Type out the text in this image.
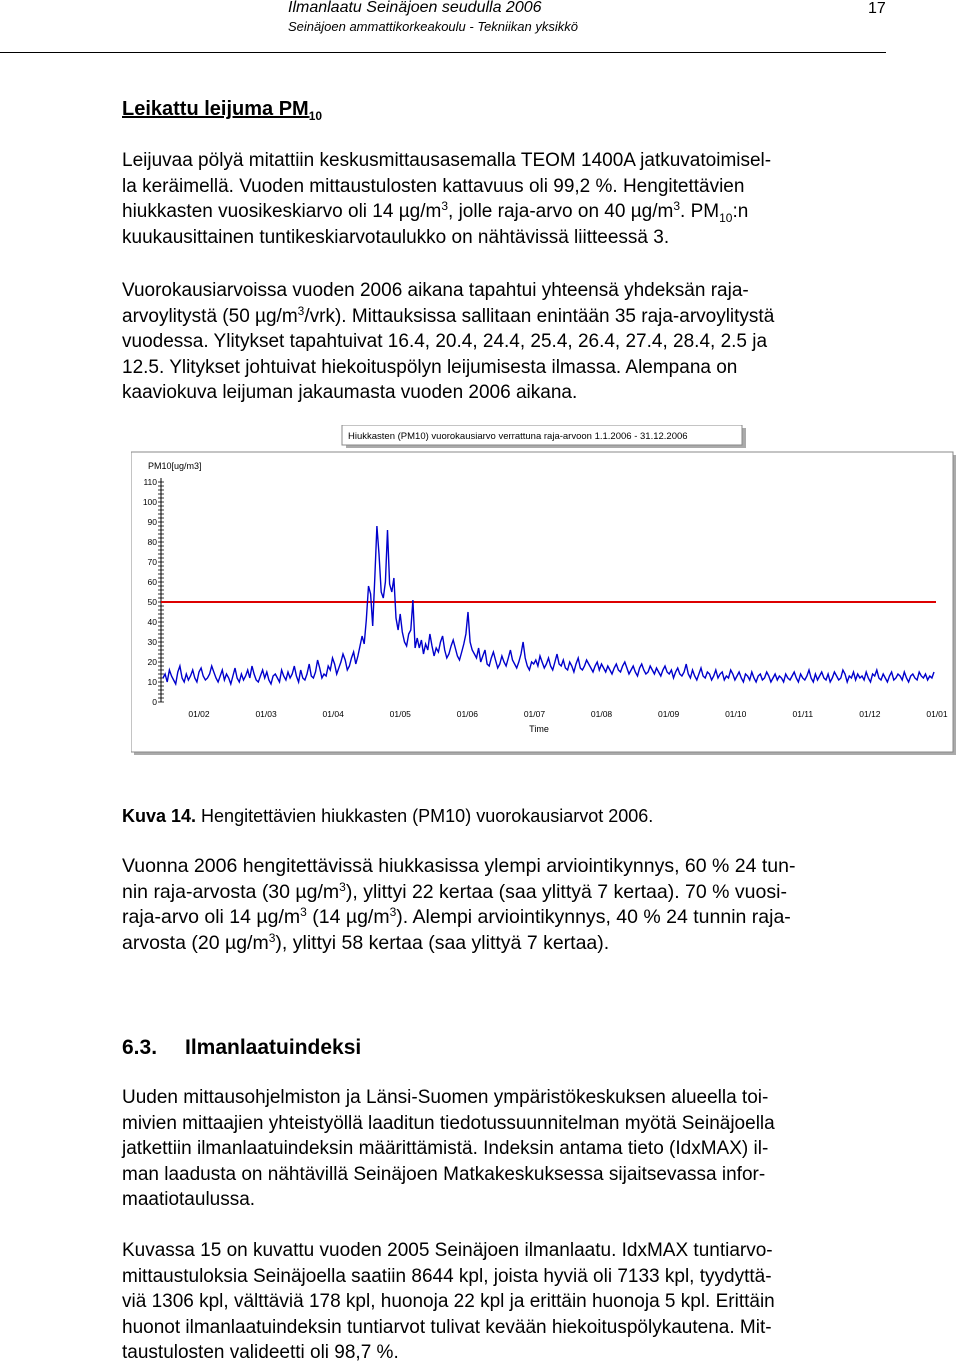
Ilmanlaatu Seinäjoen seudulla 2006
Seinäjoen ammattikorkeakoulu - Tekniikan yksikkö
17
Leikattu leijuma $PM_{10}$
Leijuvaa pölyä mitattiin keskusmittausasemalla TEOM 1400A jatkuvatoimisel-
la keräimellä. Vuoden mittaustulosten kattavuus oli 99,2 %. Hengitettävien
hiukkasten vuosikeskiarvo oli 14 $\mu g/m^3$, jolle raja-arvo on 40 $\mu g/m^3$. $PM_{10}:n$
kuukausittainen tuntikeskiarvotaulukko on nähtävissä liitteessä 3.
Vuorokausiarvoissa vuoden 2006 aikana tapahtui yhteensä yhdeksän raja-
arvoylitystä (50 $\mu g/m^3/vrk$). Mittauksissa sallitaan enintään 35 raja-arvoylitystä
vuodessa. Ylitykset tapahtuivat 16.4, 20.4, 24.4, 25.4, 26.4, 27.4, 28.4, 2.5 ja
12.5. Ylitykset johtuivat hiekoituspölyn leijumisesta ilmassa. Alempana on
kaaviokuva leijuman jakaumasta vuoden 2006 aikana.
Hiukkasten (PM10) vuorokausiarvo verrattuna raja-arvoon 1.1.2006 - 31.12.2006
PM10[ug/m3]
110
100
90
80
70
60
50
40
30
20
10
0
01/02	01/03	01/04	01/05	01/06	01/07	01/08	01/09	01/10	01/11	01/12	01/01
Time
Kuva 14. Hengitettävien hiukkasten (PM10) vuorokausiarvot 2006.
Vuonna 2006 hengitettävissä hiukkasissa ylempi arviointikynnys, 60 % 24 tun-
nin raja-arvosta (30 $\mu g/m^3$), ylittyi 22 kertaa (saa ylittyä 7 kertaa). 70 % vuosi-
raja-arvo oli 14 $\mu g/m^3$ (14 $\mu g/m^3$). Alempi arviointikynnys, 40 % 24 tunnin raja-
arvosta (20 $\mu g/m^3$), ylittyi 58 kertaa (saa ylittyä 7 kertaa).
6.3. Ilmanlaatuindeksi
Uuden mittausohjelmiston ja Länsi-Suomen ympäristökeskuksen alueella toi-
mivien mittaajien yhteistyöllä laaditun tiedotussuunnitelman myötä Seinäjoella
jatkettiin ilmanlaatuindeksin määrittämistä. Indeksin antama tieto (IdxMAX) il-
man laadusta on nähtävillä Seinäjoen Matkakeskuksessa sijaitsevassa infor-
maatiotaulussa.
Kuvassa 15 on kuvattu vuoden 2005 Seinäjoen ilmanlaatu. IdxMAX tuntiarvo-
mittaustuloksia Seinäjoella saatiin 8644 kpl, joista hyviä oli 7133 kpl, tyydyttä-
viä 1306 kpl, välttäviä 178 kpl, huonoja 22 kpl ja erittäin huonoja 5 kpl. Erittäin
huonot ilmanlaatuindeksin tuntiarvot tulivat kevään hiekoituspölykautena. Mit-
taustulosten valideetti oli 98,7 %.
